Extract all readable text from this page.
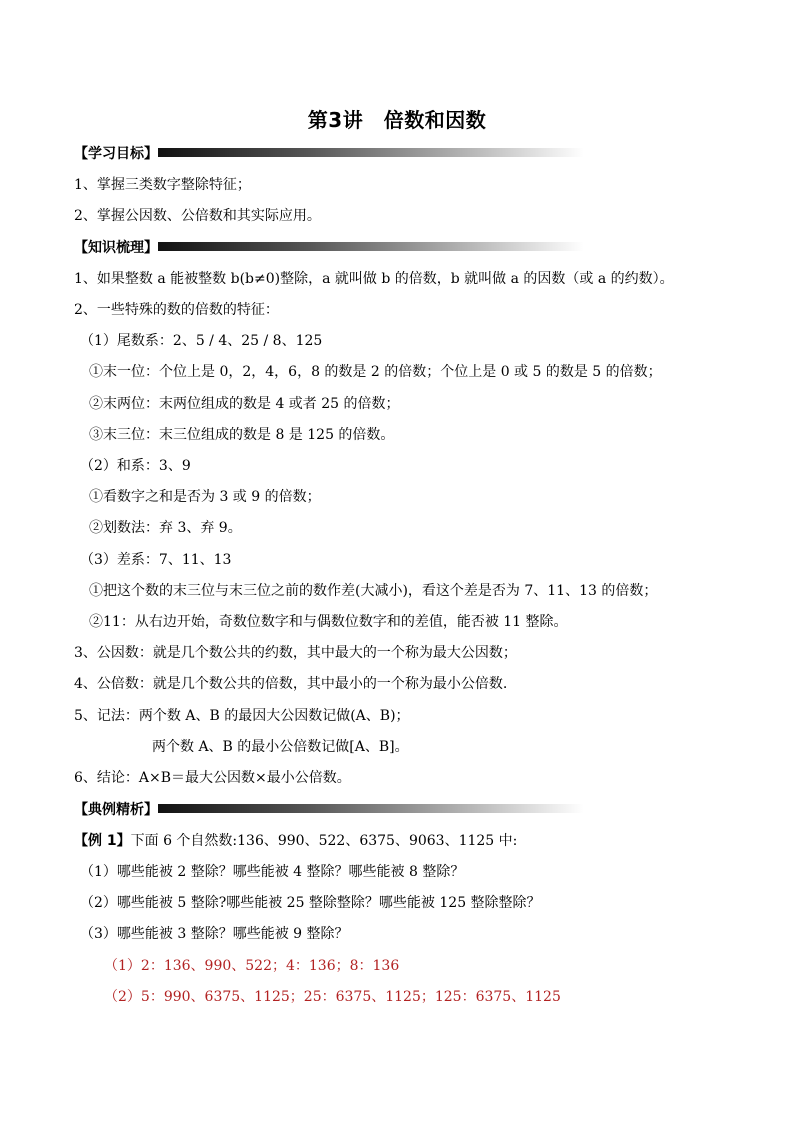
第3讲　倍数和因数
【学习目标】
1、掌握三类数字整除特征；
2、掌握公因数、公倍数和其实际应用。
【知识梳理】
1、如果整数 a 能被整数 b(b≠0)整除，a 就叫做 b 的倍数，b 就叫做 a 的因数（或 a 的约数）。
2、一些特殊的数的倍数的特征：
（1）尾数系：2、5 / 4、25 / 8、125
①末一位：个位上是 0，2，4，6，8 的数是 2 的倍数；个位上是 0 或 5 的数是 5 的倍数；
②末两位：末两位组成的数是 4 或者 25 的倍数；
③末三位：末三位组成的数是 8 是 125 的倍数。
（2）和系：3、9
①看数字之和是否为 3 或 9 的倍数；
②划数法：弃 3、弃 9。
（3）差系：7、11、13
①把这个数的末三位与末三位之前的数作差(大减小)，看这个差是否为 7、11、13 的倍数；
②11：从右边开始，奇数位数字和与偶数位数字和的差值，能否被 11 整除。
3、公因数：就是几个数公共的约数，其中最大的一个称为最大公因数；
4、公倍数：就是几个数公共的倍数，其中最小的一个称为最小公倍数.
5、记法：两个数 A、B 的最因大公因数记做(A、B)；
两个数 A、B 的最小公倍数记做[A、B]。
6、结论：A×B＝最大公因数×最小公倍数。
【典例精析】
【例 1】下面 6 个自然数:136、990、522、6375、9063、1125 中:
（1）哪些能被 2 整除？哪些能被 4 整除？哪些能被 8 整除？
（2）哪些能被 5 整除?哪些能被 25 整除整除？哪些能被 125 整除整除？
（3）哪些能被 3 整除？哪些能被 9 整除？
（1）2：136、990、522；4：136；8：136
（2）5：990、6375、1125；25：6375、1125；125：6375、1125
